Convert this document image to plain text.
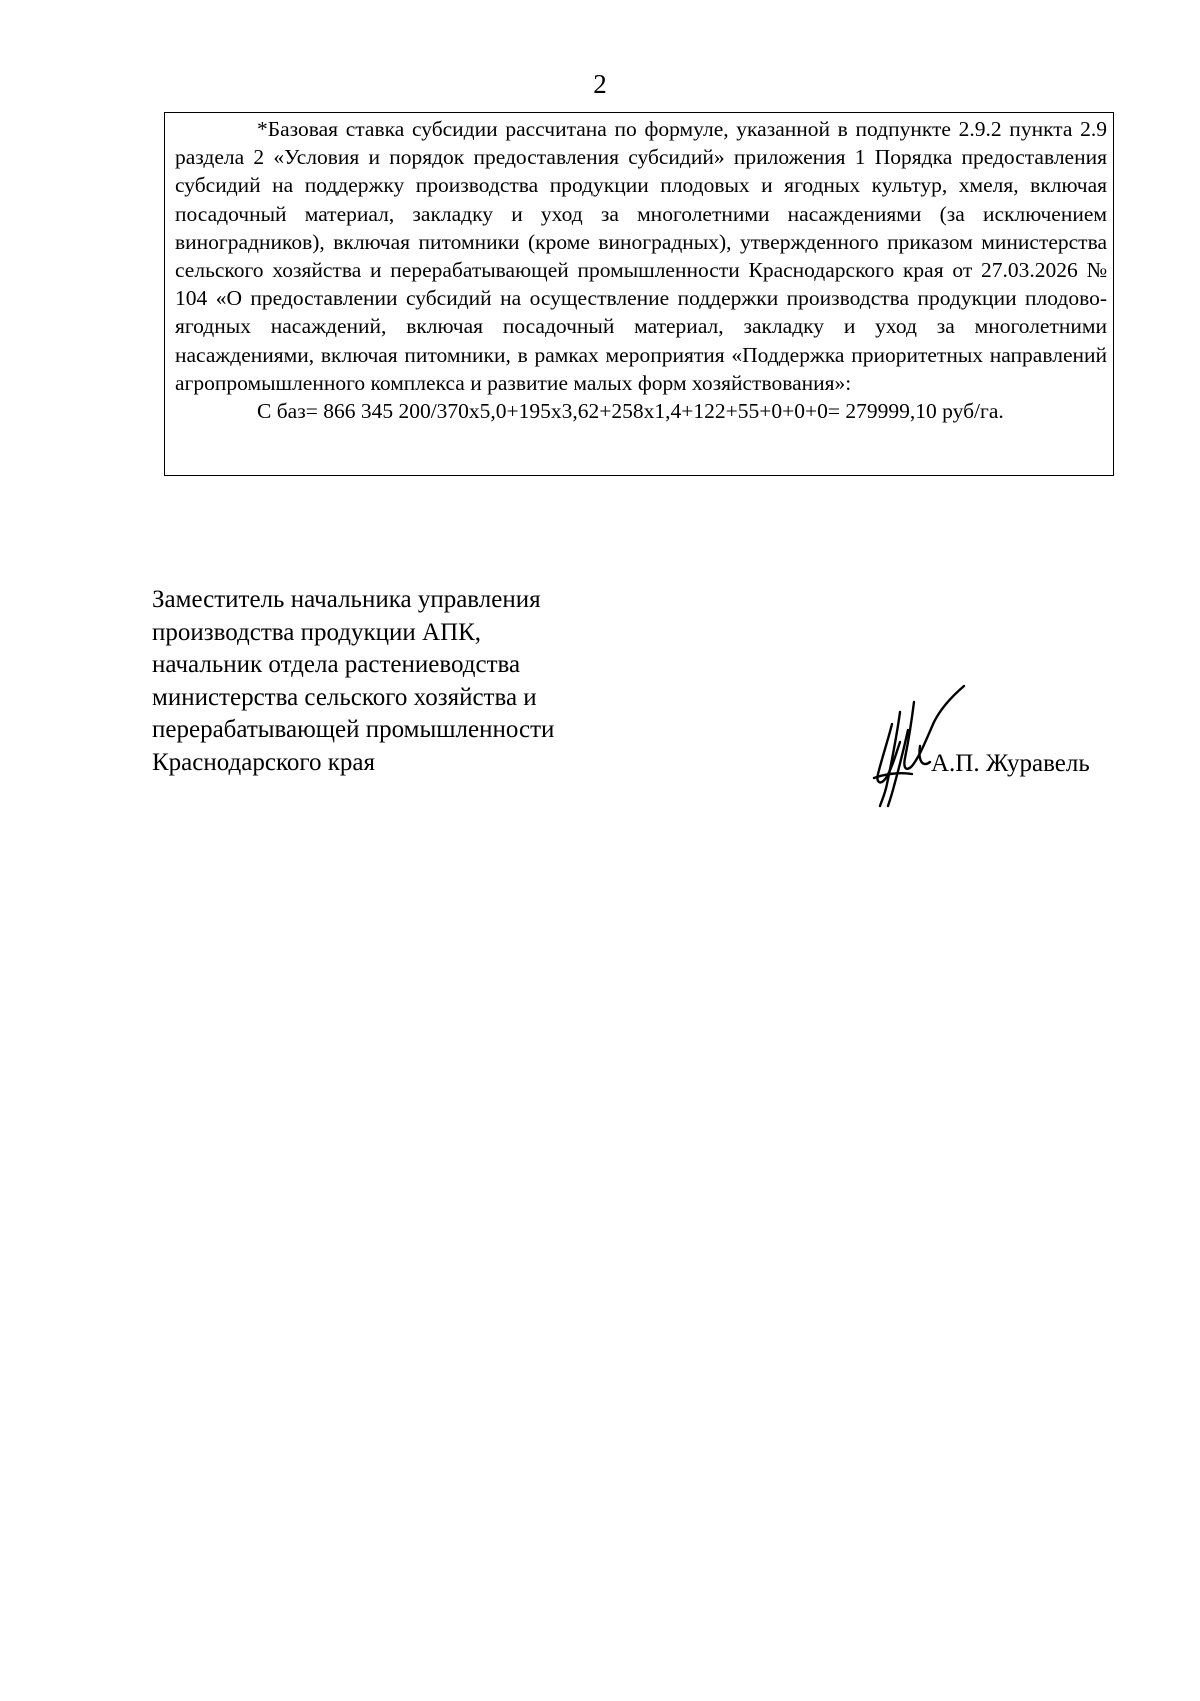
2

*Базовая ставка субсидии рассчитана по формуле, указанной в подпункте 2.9.2 пункта 2.9 раздела 2 «Условия и порядок предоставления субсидий» приложения 1 Порядка предоставления субсидий на поддержку производства продукции плодовых и ягодных культур, хмеля, включая посадочный материал, закладку и уход за многолетними насаждениями (за исключением виноградников), включая питомники (кроме виноградных), утвержденного приказом министерства сельского хозяйства и перерабатывающей промышленности Краснодарского края от 27.03.2026 № 104 «О предоставлении субсидий на осуществление поддержки производства продукции плодово-ягодных насаждений, включая посадочный материал, закладку и уход за многолетними насаждениями, включая питомники, в рамках мероприятия «Поддержка приоритетных направлений агропромышленного комплекса и развитие малых форм хозяйствования»:

С баз= 866 345 200/370х5,0+195х3,62+258х1,4+122+55+0+0+0= 279999,10 руб/га.

Заместитель начальника управления
производства продукции АПК,
начальник отдела растениеводства
министерства сельского хозяйства и
перерабатывающей промышленности
Краснодарского края	А.П. Журавель
